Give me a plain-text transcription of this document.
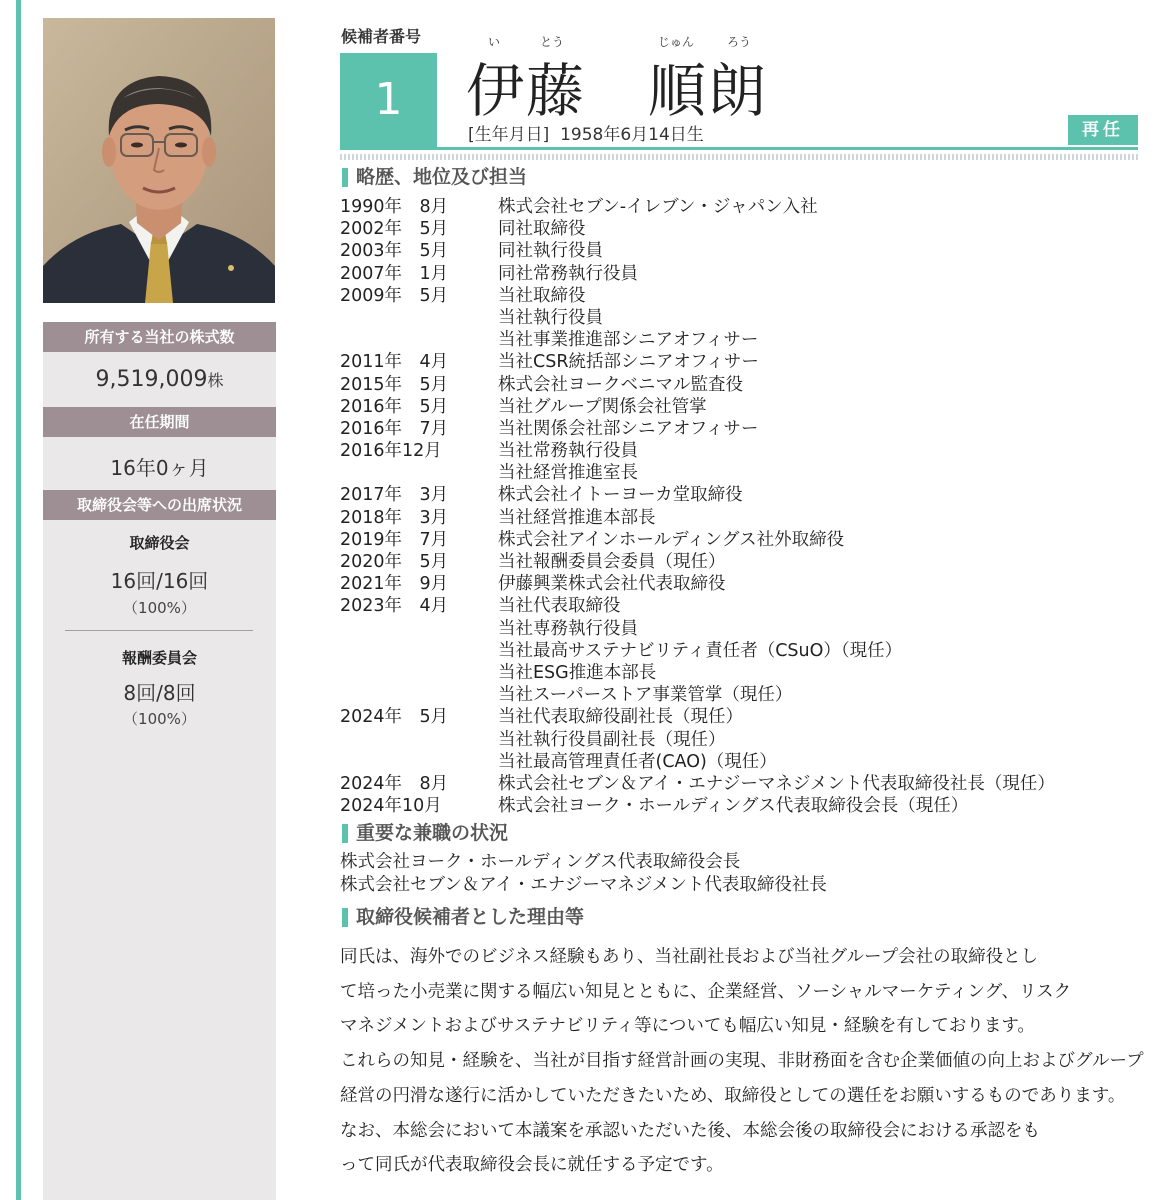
所有する当社の株式数
9,519,009株
在任期間
16年0ヶ月
取締役会等への出席状況
取締役会
16回/16回
（100%）
報酬委員会
8回/8回
（100%）
候補者番号
1
い	とう	じゅん	ろう
伊藤 順朗
[生年月日] 1958年6月14日生	再任
略歴、地位及び担当
1990年　8月	株式会社セブン‐イレブン・ジャパン入社
2002年　5月	同社取締役
2003年　5月	同社執行役員
2007年　1月	同社常務執行役員
2009年　5月	当社取締役
当社執行役員
当社事業推進部シニアオフィサー
2011年　4月	当社CSR統括部シニアオフィサー
2015年　5月	株式会社ヨークベニマル監査役
2016年　5月	当社グループ関係会社管掌
2016年　7月	当社関係会社部シニアオフィサー
2016年12月	当社常務執行役員
当社経営推進室長
2017年　3月	株式会社イトーヨーカ堂取締役
2018年　3月	当社経営推進本部長
2019年　7月	株式会社アインホールディングス社外取締役
2020年　5月	当社報酬委員会委員（現任）
2021年　9月	伊藤興業株式会社代表取締役
2023年　4月	当社代表取締役
当社専務執行役員
当社最高サステナビリティ責任者（CSuO）（現任）
当社ESG推進本部長
当社スーパーストア事業管掌（現任）
2024年　5月	当社代表取締役副社長（現任）
当社執行役員副社長（現任）
当社最高管理責任者(CAO)（現任）
2024年　8月	株式会社セブン＆アイ・エナジーマネジメント代表取締役社長（現任）
2024年10月	株式会社ヨーク・ホールディングス代表取締役会長（現任）
重要な兼職の状況
株式会社ヨーク・ホールディングス代表取締役会長
株式会社セブン＆アイ・エナジーマネジメント代表取締役社長
取締役候補者とした理由等

同氏は、海外でのビジネス経験もあり、当社副社長および当社グループ会社の取締役とし

て培った小売業に関する幅広い知見とともに、企業経営、ソーシャルマーケティング、リスク

マネジメントおよびサステナビリティ等についても幅広い知見・経験を有しております。

これらの知見・経験を、当社が目指す経営計画の実現、非財務面を含む企業価値の向上およびグループ

経営の円滑な遂行に活かしていただきたいため、取締役としての選任をお願いするものであります。

なお、本総会において本議案を承認いただいた後、本総会後の取締役会における承認をも

って同氏が代表取締役会長に就任する予定です。
